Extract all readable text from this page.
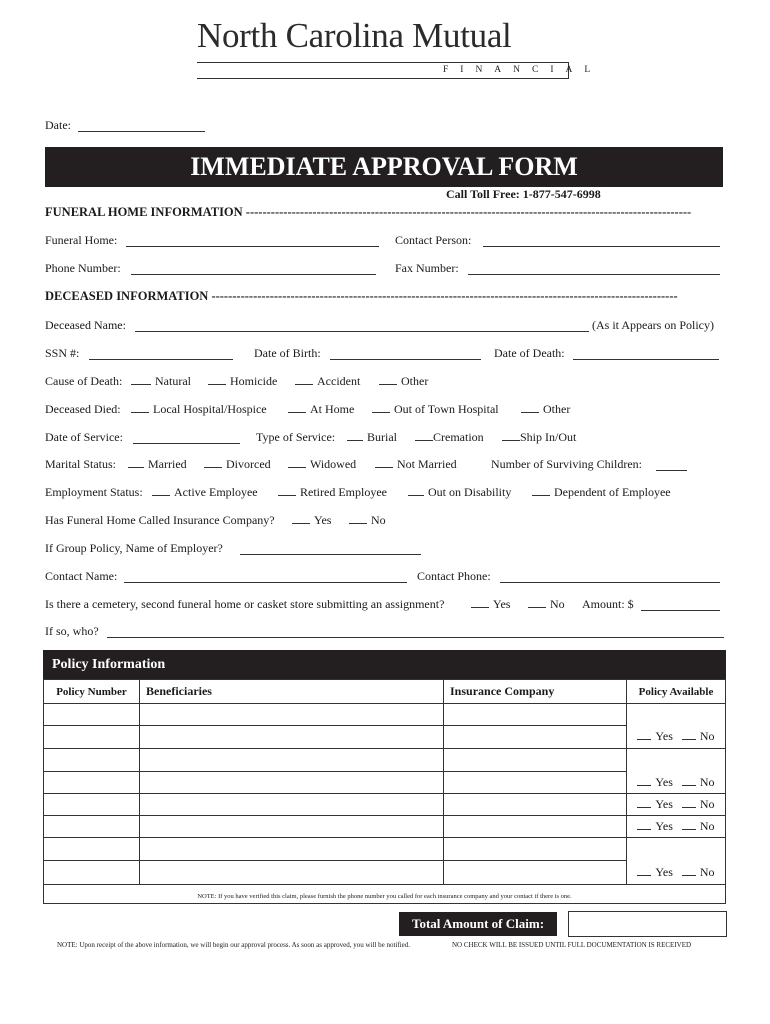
North Carolina Mutual
FINANCIAL
Date:
IMMEDIATE APPROVAL FORM
Call Toll Free: 1-877-547-6998
FUNERAL HOME INFORMATION -----------------------------------------------------------------------------------------------------------
Funeral Home:	Contact Person:
Phone Number:	Fax Number:
DECEASED INFORMATION ----------------------------------------------------------------------------------------------------------------
Deceased Name:	(As it Appears on Policy)
SSN #:	Date of Birth:	Date of Death:
Cause of Death:	Natural	Homicide	Accident	Other
Deceased Died:	Local Hospital/Hospice	At Home	Out of Town Hospital	Other
Date of Service:	Type of Service:	Burial	Cremation	Ship In/Out
Marital Status:	Married	Divorced	Widowed	Not Married	Number of Surviving Children:
Employment Status:	Active Employee	Retired Employee	Out on Disability	Dependent of Employee
Has Funeral Home Called Insurance Company?	Yes	No
If Group Policy, Name of Employer?
Contact Name:	Contact Phone:
Is there a cemetery, second funeral home or casket store submitting an assignment?	Yes	No Amount: $
If so, who?
Policy Information
Policy Number	Beneficiaries	Insurance Company	Policy Available

			Yes No

			Yes No
			Yes No
			Yes No

			Yes No
NOTE: If you have verified this claim, please furnish the phone number you called for each insurance company and your contact if there is one.			
Total Amount of Claim:
NOTE: Upon receipt of the above information, we will begin our approval process. As soon as approved, you will be notified.	NO CHECK WILL BE ISSUED UNTIL FULL DOCUMENTATION IS RECEIVED
